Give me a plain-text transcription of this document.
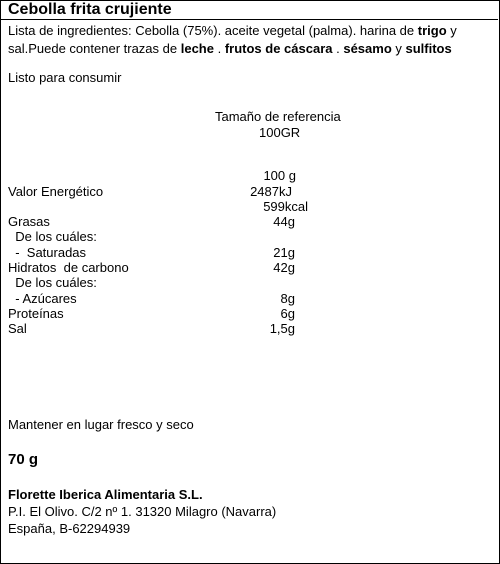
Cebolla frita crujiente
Lista de ingredientes: Cebolla (75%). aceite vegetal (palma). harina de trigo y sal.Puede contener trazas de leche . frutos de cáscara . sésamo y sulfitos
Listo para consumir
Tamaño de referencia
100GR
100 g
Valor Energético	2487kJ
599kcal
Grasas	44g
De los cuáles:
-  Saturadas	21g
Hidratos  de carbono	42g
De los cuáles:
- Azúcares	8g
Proteínas	6g
Sal	1,5g
Mantener en lugar fresco y seco
70 g
Florette Iberica Alimentaria S.L.
P.I. El Olivo. C/2 nº 1. 31320 Milagro (Navarra)
España, B-62294939
